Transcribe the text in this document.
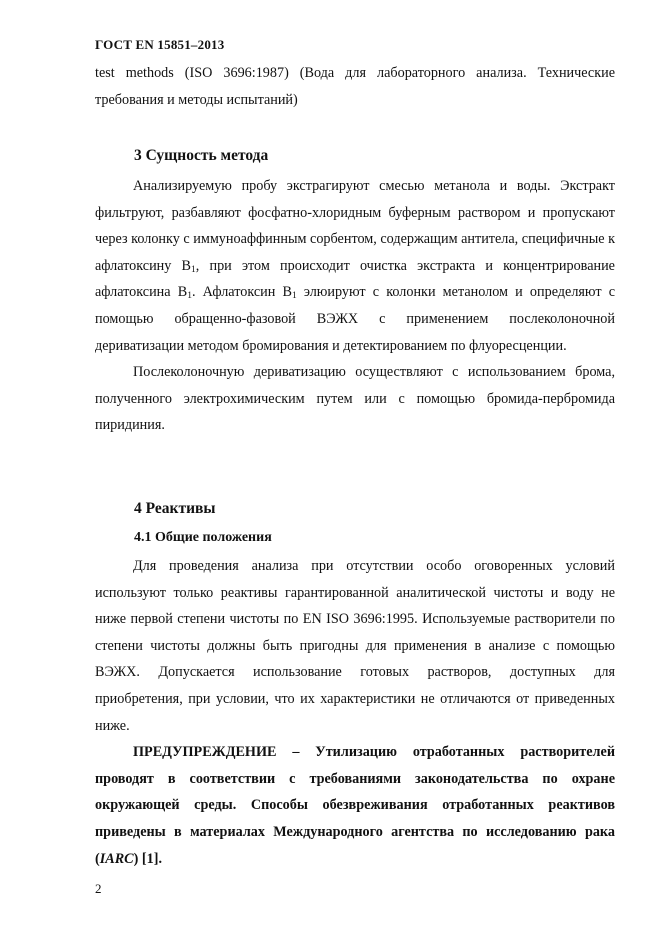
ГОСТ EN 15851–2013

test methods (ISO 3696:1987) (Вода для лабораторного анализа. Технические требования и методы испытаний)

3 Сущность метода

Анализируемую пробу экстрагируют смесью метанола и воды. Экстракт фильтруют, разбавляют фосфатно-хлоридным буферным раствором и пропускают через колонку с иммуноаффинным сорбентом, содержащим антитела, специфичные к афлатоксину $B_1$, при этом происходит очистка экстракта и концентрирование афлатоксина $B_1$. Афлатоксин $B_1$ элюируют с колонки метанолом и определяют с помощью обращенно-фазовой ВЭЖХ с применением послеколоночной дериватизации методом бромирования и детектированием по флуоресценции.

Послеколоночную дериватизацию осуществляют с использованием брома, полученного электрохимическим путем или с помощью бромида-пербромида пиридиния.

4 Реактивы
4.1 Общие положения

Для проведения анализа при отсутствии особо оговоренных условий используют только реактивы гарантированной аналитической чистоты и воду не ниже первой степени чистоты по EN ISO 3696:1995. Используемые растворители по степени чистоты должны быть пригодны для применения в анализе с помощью ВЭЖХ. Допускается использование готовых растворов, доступных для приобретения, при условии, что их характеристики не отличаются от приведенных ниже.

ПРЕДУПРЕЖДЕНИЕ – Утилизацию отработанных растворителей проводят в соответствии с требованиями законодательства по охране окружающей среды. Способы обезвреживания отработанных реактивов приведены в материалах Международного агентства по исследованию рака (IARC) [1].

2
